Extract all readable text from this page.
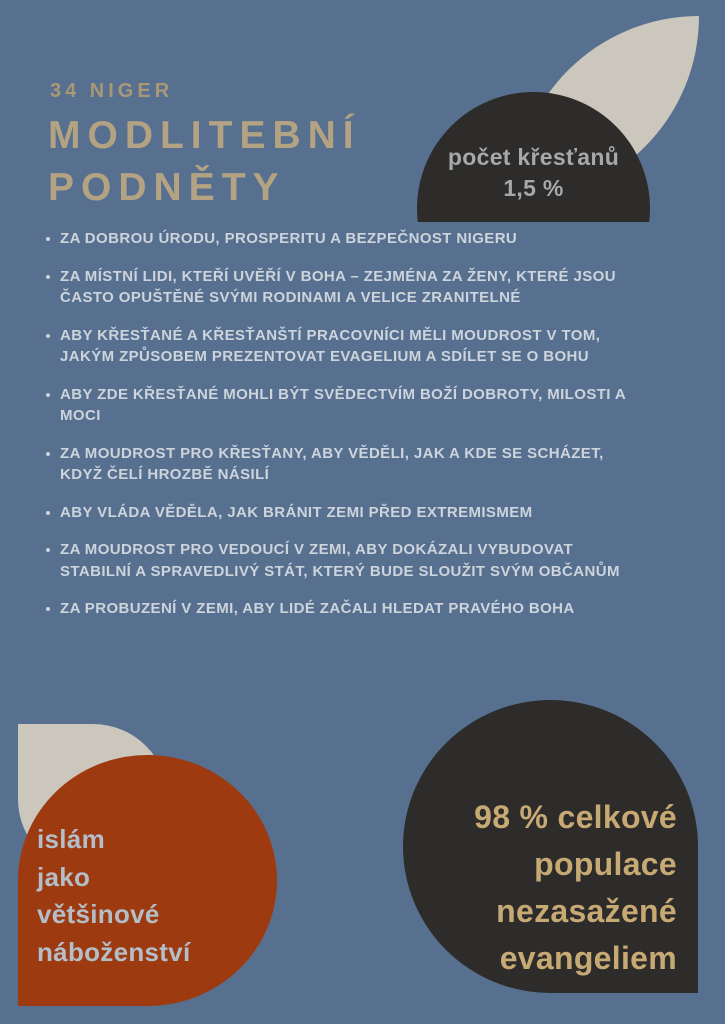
počet křesťanů
1,5 %
34 NIGER
MODLITEBNÍ
PODNĚTY
ZA DOBROU ÚRODU, PROSPERITU A BEZPEČNOST NIGERU
ZA MÍSTNÍ LIDI, KTEŘÍ UVĚŘÍ V BOHA – ZEJMÉNA ZA ŽENY, KTERÉ JSOU ČASTO OPUŠTĚNÉ SVÝMI RODINAMI A VELICE ZRANITELNÉ
ABY KŘESŤANÉ A KŘESŤANŠTÍ PRACOVNÍCI MĚLI MOUDROST V TOM, JAKÝM ZPŮSOBEM PREZENTOVAT EVAGELIUM A SDÍLET SE O BOHU
ABY ZDE KŘESŤANÉ MOHLI BÝT SVĚDECTVÍM BOŽÍ DOBROTY, MILOSTI A MOCI
ZA MOUDROST PRO KŘESŤANY, ABY VĚDĚLI, JAK A KDE SE SCHÁZET, KDYŽ ČELÍ HROZBĚ NÁSILÍ
ABY VLÁDA VĚDĚLA, JAK BRÁNIT ZEMI PŘED EXTREMISMEM
ZA MOUDROST PRO VEDOUCÍ V ZEMI, ABY DOKÁZALI VYBUDOVAT STABILNÍ A SPRAVEDLIVÝ STÁT, KTERÝ BUDE SLOUŽIT SVÝM OBČANŮM
ZA PROBUZENÍ V ZEMI, ABY LIDÉ ZAČALI HLEDAT PRAVÉHO BOHA
islám
jako
většinové
náboženství
98 % celkové
populace
nezasažené
evangeliem
